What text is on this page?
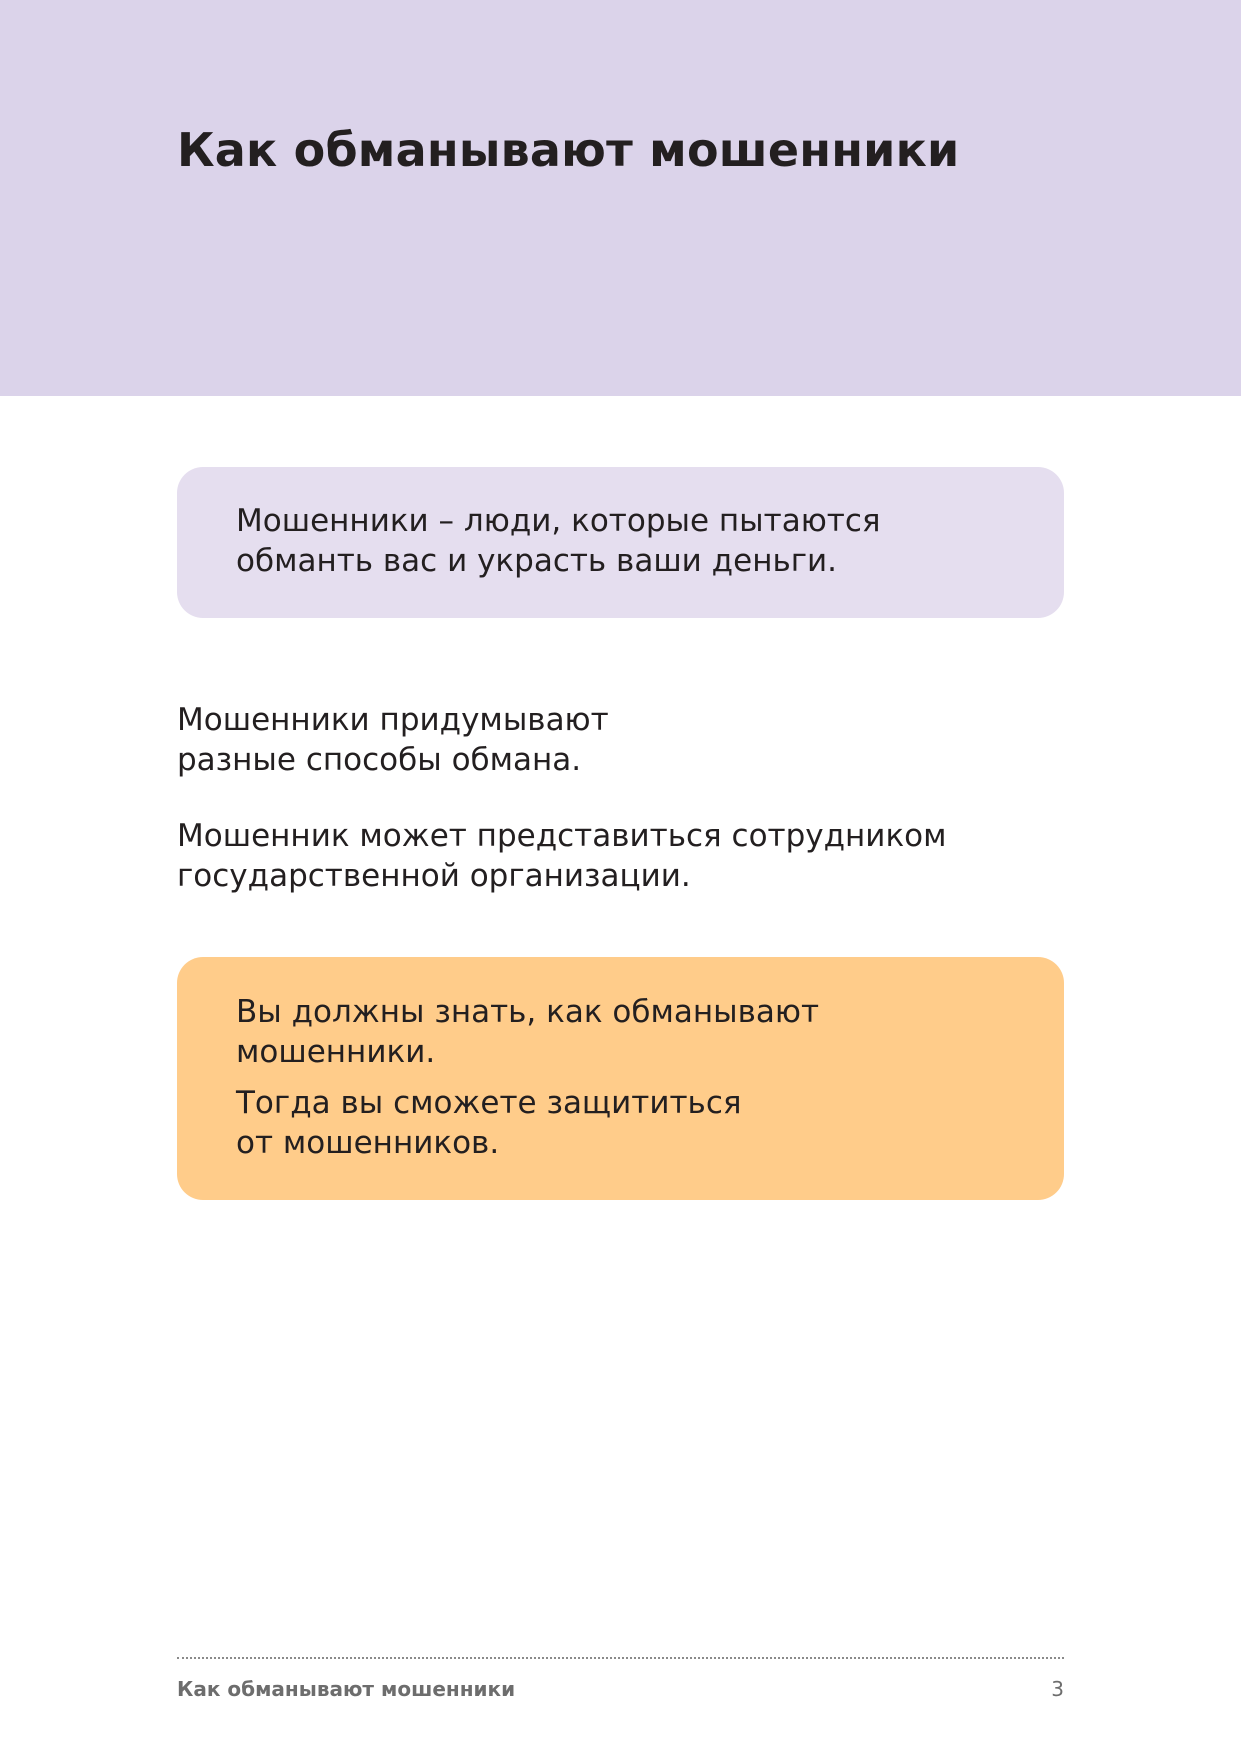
Как обманывают мошенники
Мошенники – люди, которые пытаются
обманть вас и украсть ваши деньги.

Мошенники придумывают
разные способы обмана.

Мошенник может представиться сотрудником
государственной организации.

Вы должны знать, как обманывают
мошенники.
Тогда вы сможете защититься
от мошенников.
Как обманывают мошенники	3
